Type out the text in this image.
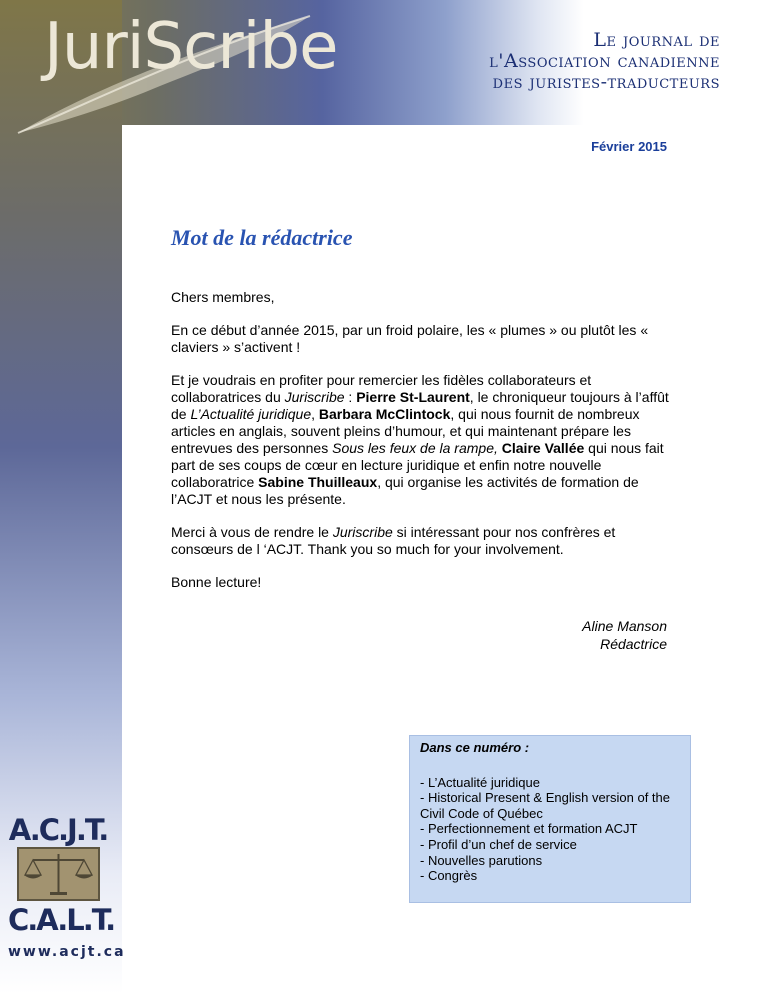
JuriScribe	Le journal de
l'Association canadienne
des juristes-traducteurs
Février 2015
Mot de la rédactrice

Chers membres,

En ce début d’année 2015, par un froid polaire, les « plumes » ou plutôt les « claviers » s’activent !

Et je voudrais en profiter pour remercier les fidèles collaborateurs et collaboratrices du Juriscribe : Pierre St-Laurent, le chroniqueur toujours à l’affût de L’Actualité juridique, Barbara McClintock, qui nous fournit de nombreux articles en anglais, souvent pleins d’humour, et qui maintenant prépare les entrevues des personnes Sous les feux de la rampe, Claire Vallée qui nous fait part de ses coups de cœur en lecture juridique et enfin notre nouvelle collaboratrice Sabine Thuilleaux, qui organise les activités de formation de l’ACJT et nous les présente.

Merci à vous de rendre le Juriscribe si intéressant pour nos confrères et consœurs de l ‘ACJT. Thank you so much for your involvement.

Bonne lecture!

Aline Manson
Rédactrice
Dans ce numéro :
- L’Actualité juridique
- Historical Present & English version of the Civil Code of Québec
- Perfectionnement et formation ACJT
- Profil d’un chef de service
- Nouvelles parutions
- Congrès
A.C.J.T.
C.A.L.T.
www.acjt.ca
